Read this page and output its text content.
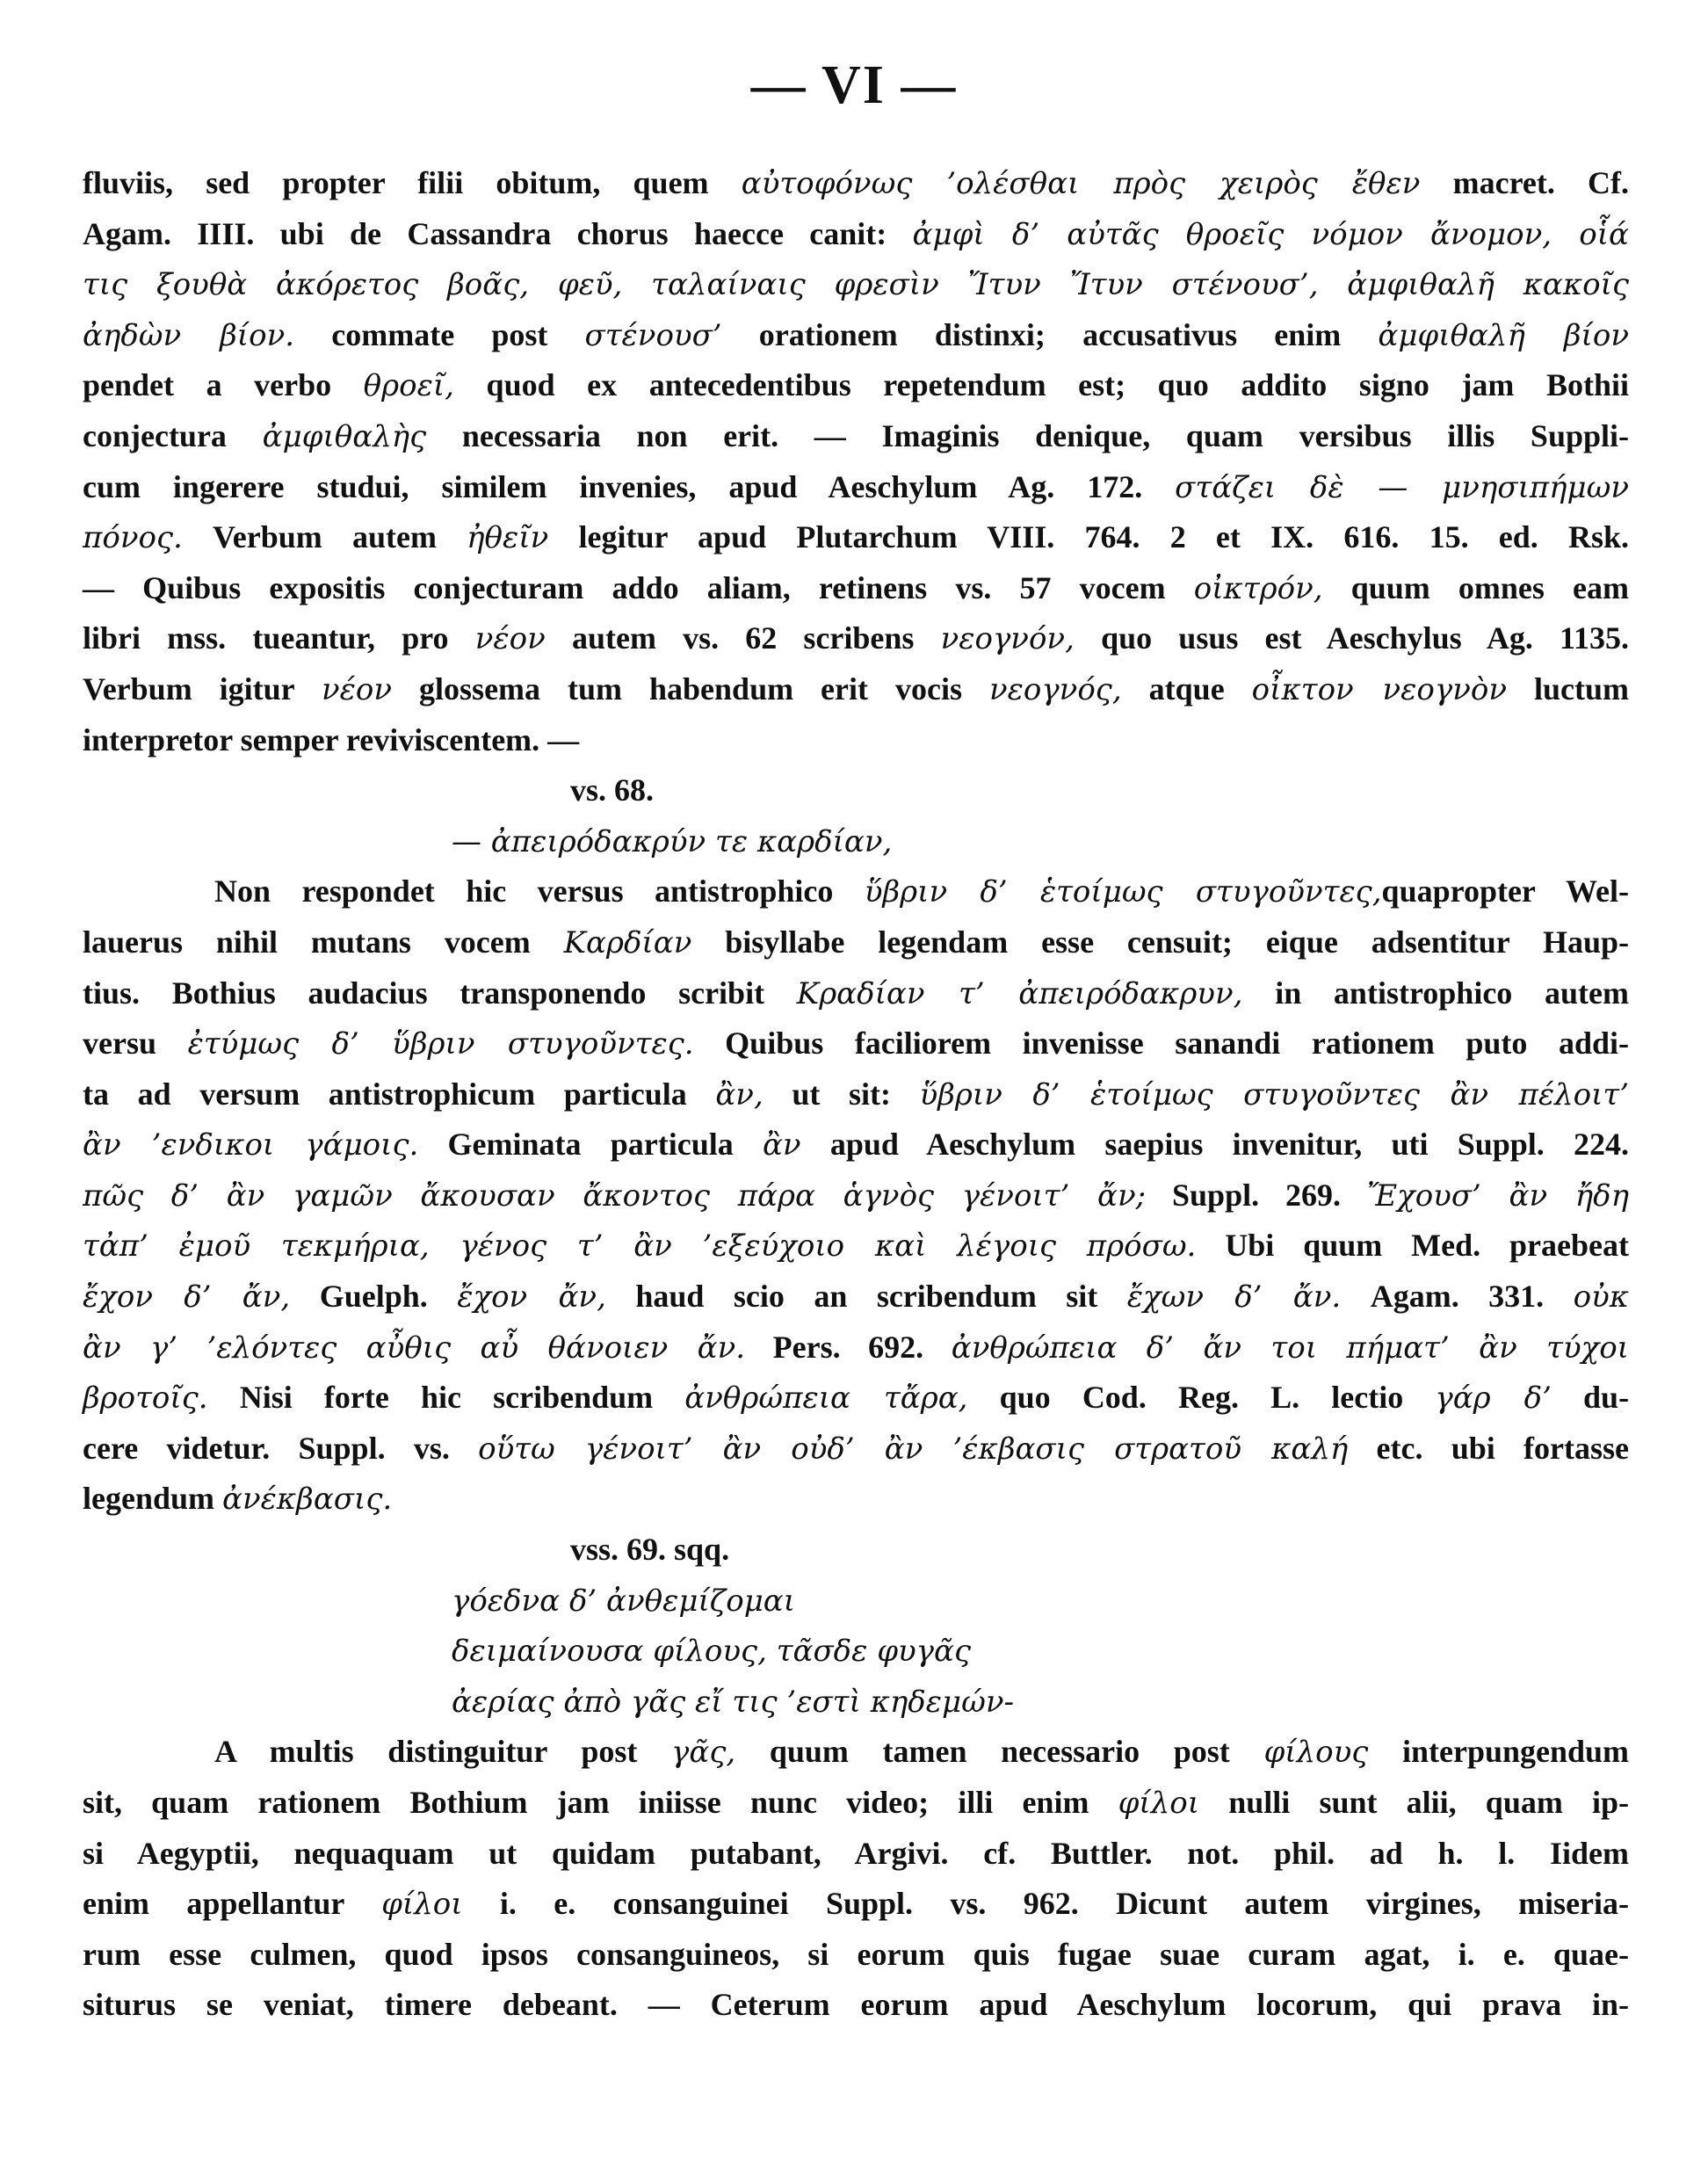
— VI —
fluviis, sed propter filii obitum, quem αὐτοφόνως ’ολέσθαι πρὸς χειρὸς ἔθεν macret. Cf.
Agam. IIII. ubi de Cassandra chorus haecce canit: ἀμφὶ δ’ αὐτᾶς θροεῖς νόμον ἄνομον, οἷά
τις ξουθὰ ἀκόρετος βοᾶς, φεῦ, ταλαίναις φρεσὶν Ἴτυν Ἴτυν στένουσ’, ἀμφιθαλῆ κακοῖς
ἀηδὼν βίον. commate post στένουσ’ orationem distinxi; accusativus enim ἀμφιθαλῆ βίον
pendet a verbo θροεῖ, quod ex antecedentibus repetendum est; quo addito signo jam Bothii
conjectura ἀμφιθαλὴς necessaria non erit. — Imaginis denique, quam versibus illis Suppli-
cum ingerere studui, similem invenies, apud Aeschylum Ag. 172. στάζει δὲ — μνησιπήμων
πόνος. Verbum autem ἠθεῖν legitur apud Plutarchum VIII. 764. 2 et IX. 616. 15. ed. Rsk.
— Quibus expositis conjecturam addo aliam, retinens vs. 57 vocem οἰκτρόν, quum omnes eam
libri mss. tueantur, pro νέον autem vs. 62 scribens νεογνόν, quo usus est Aeschylus Ag. 1135.
Verbum igitur νέον glossema tum habendum erit vocis νεογνός, atque οἶκτον νεογνὸν luctum
interpretor semper reviviscentem. —
vs. 68.
— ἀπειρόδακρύν τε καρδίαν,
Non respondet hic versus antistrophico ὕβριν δ’ ἑτοίμως στυγοῦντες,quapropter Wel-
lauerus nihil mutans vocem Καρδίαν bisyllabe legendam esse censuit; eique adsentitur Haup-
tius. Bothius audacius transponendo scribit Κραδίαν τ’ ἀπειρόδακρυν, in antistrophico autem
versu ἐτύμως δ’ ὕβριν στυγοῦντες. Quibus faciliorem invenisse sanandi rationem puto addi-
ta ad versum antistrophicum particula ἂν, ut sit: ὕβριν δ’ ἑτοίμως στυγοῦντες ἂν πέλοιτ’
ἂν ’ενδικοι γάμοις. Geminata particula ἂν apud Aeschylum saepius invenitur, uti Suppl. 224.
πῶς δ’ ἂν γαμῶν ἄκουσαν ἄκοντος πάρα ἁγνὸς γένοιτ’ ἄν; Suppl. 269. Ἔχουσ’ ἂν ἤδη
τἀπ’ ἐμοῦ τεκμήρια, γένος τ’ ἂν ’εξεύχοιο καὶ λέγοις πρόσω. Ubi quum Med. praebeat
ἔχον δ’ ἄν, Guelph. ἔχον ἄν, haud scio an scribendum sit ἔχων δ’ ἄν. Agam. 331. οὐκ
ἂν γ’ ’ελόντες αὖθις αὖ θάνοιεν ἄν. Pers. 692. ἀνθρώπεια δ’ ἄν τοι πήματ’ ἂν τύχοι
βροτοῖς. Nisi forte hic scribendum ἀνθρώπεια τἄρα, quo Cod. Reg. L. lectio γάρ δ’ du-
cere videtur. Suppl. vs. οὕτω γένοιτ’ ἂν οὐδ’ ἂν ’έκβασις στρατοῦ καλή etc. ubi fortasse
legendum ἀνέκβασις.
vss. 69. sqq.
γόεδνα δ’ ἀνθεμίζομαι
δειμαίνουσα φίλους, τᾶσδε φυγᾶς
ἀερίας ἀπὸ γᾶς εἴ τις ’εστὶ κηδεμών-
A multis distinguitur post γᾶς, quum tamen necessario post φίλους interpungendum
sit, quam rationem Bothium jam iniisse nunc video; illi enim φίλοι nulli sunt alii, quam ip-
si Aegyptii, nequaquam ut quidam putabant, Argivi. cf. Buttler. not. phil. ad h. l. Iidem
enim appellantur φίλοι i. e. consanguinei Suppl. vs. 962. Dicunt autem virgines, miseria-
rum esse culmen, quod ipsos consanguineos, si eorum quis fugae suae curam agat, i. e. quae-
siturus se veniat, timere debeant. — Ceterum eorum apud Aeschylum locorum, qui prava in-
